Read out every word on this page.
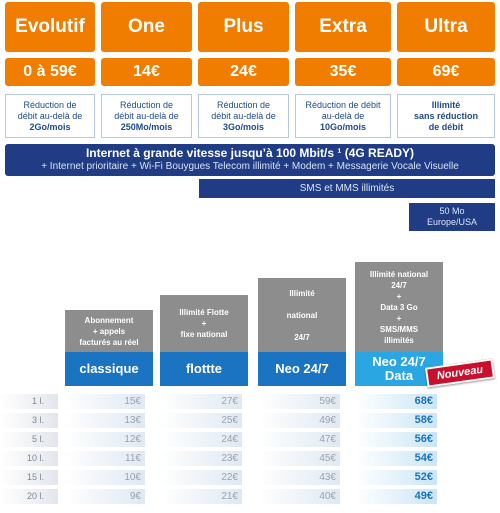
Evolutif	One	Plus	Extra	Ultra
0 à 59€	14€	24€	35€	69€
Réduction de
débit au-delà de
2Go/mois
Réduction de
débit au-delà de
250Mo/mois
Réduction de
débit au-delà de
3Go/mois
Réduction de débit
au-delà de
10Go/mois
Illimité
sans réduction
de débit
Internet à grande vitesse jusqu’à 100 Mbit/s ¹ (4G READY)
+ Internet prioritaire + Wi-Fi Bouygues Telecom illimité + Modem + Messagerie Vocale Visuelle
SMS et MMS illimités
50 Mo
Europe/USA
Abonnement
+ appels
facturés au réel
classique
Illimité Flotte
+
fixe national
flottte
Illimité

national

24/7
Neo 24/7
Illimité national
24/7
+
Data 3 Go
+
SMS/MMS
illimités
Neo 24/7
Data	Nouveau
1 l.	15€	27€	59€	68€
3 l.	13€	25€	49€	58€
5 l.	12€	24€	47€	56€
10 l.	11€	23€	45€	54€
15 l.	10€	22€	43€	52€
20 l.	9€	21€	40€	49€
